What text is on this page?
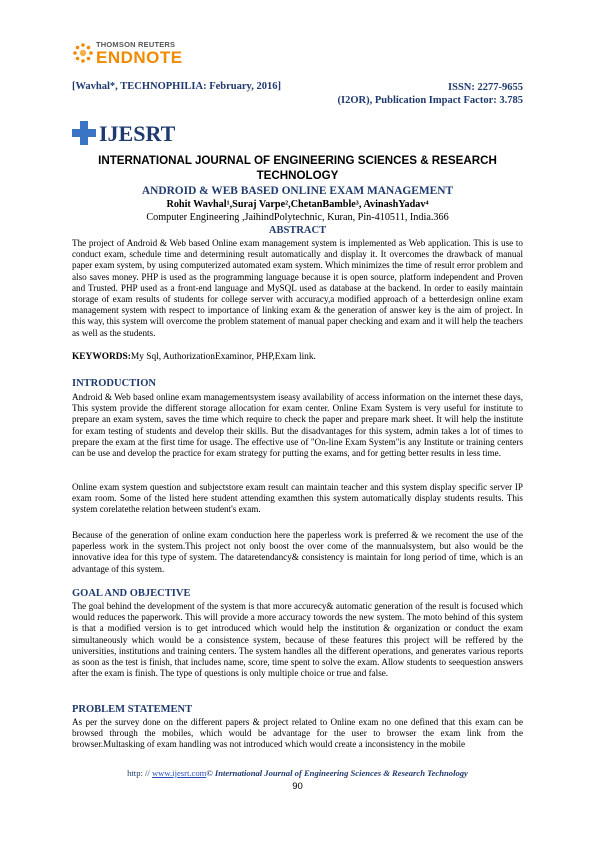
THOMSON REUTERS
ENDNOTE
[Wavhal*, TECHNOPHILIA: February, 2016]	ISSN: 2277-9655
(I2OR), Publication Impact Factor: 3.785
IJESRT
INTERNATIONAL JOURNAL OF ENGINEERING SCIENCES & RESEARCH
TECHNOLOGY
ANDROID & WEB BASED ONLINE EXAM MANAGEMENT
Rohit Wavhal¹,Suraj Varpe²,ChetanBamble³, AvinashYadav⁴
Computer Engineering ,JaihindPolytechnic, Kuran, Pin-410511, India.366
ABSTRACT

The project of Android & Web based Online exam management system is implemented as Web application. This is use to conduct exam, schedule time and determining result automatically and display it. It overcomes the drawback of manual paper exam system, by using computerized automated exam system. Which minimizes the time of result error problem and also saves money. PHP is used as the programming language because it is open source, platform independent and Proven and Trusted. PHP used as a front-end language and MySQL used as database at the backend. In order to easily maintain storage of exam results of students for college server with accuracy,a modified approach of a betterdesign online exam management system with respect to importance of linking exam & the generation of answer key is the aim of project. In this way, this system will overcome the problem statement of manual paper checking and exam and it will help the teachers as well as the students.

KEYWORDS:My Sql, AuthorizationExaminor, PHP,Exam link.
INTRODUCTION

Android & Web based online exam managementsystem iseasy availability of access information on the internet these days, This system provide the different storage allocation for exam center. Online Exam System is very useful for institute to prepare an exam system, saves the time which require to check the paper and prepare mark sheet. It will help the institute for exam testing of students and develop their skills. But the disadvantages for this system, admin takes a lot of times to prepare the exam at the first time for usage. The effective use of "On-line Exam System"is any Institute or training centers can be use and develop the practice for exam strategy for putting the exams, and for getting better results in less time.

Online exam system question and subjectstore exam result can maintain teacher and this system display specific server IP exam room. Some of the listed here student attending examthen this system automatically display students results. This system corelatethe relation between student's exam.

Because of the generation of online exam conduction here the paperless work is preferred & we recoment the use of the paperless work in the system.This project not only boost the over come of the mannualsystem, but also would be the innovative idea for this type of system. The dataretendancy& consistency is maintain for long period of time, which is an advantage of this system.

GOAL AND OBJECTIVE

The goal behind the development of the system is that more accurecy& automatic generation of the result is focused which would reduces the paperwork. This will provide a more accuracy towords the new system. The moto behind of this system is that a modified version is to get introduced which would help the institution & organization or conduct the exam simultaneously which would be a consistence system, because of these features this project will be reffered by the universities, institutions and training centers. The system handles all the different operations, and generates various reports as soon as the test is finish, that includes name, score, time spent to solve the exam. Allow students to seequestion answers after the exam is finish. The type of questions is only multiple choice or true and false.

PROBLEM STATEMENT

As per the survey done on the different papers & project related to Online exam no one defined that this exam can be browsed through the mobiles, which would be advantage for the user to browser the exam link from the browser.Multasking of exam handling was not introduced which would create a inconsistency in the mobile

http: // www.ijesrt.com© International Journal of Engineering Sciences & Research Technology
90
